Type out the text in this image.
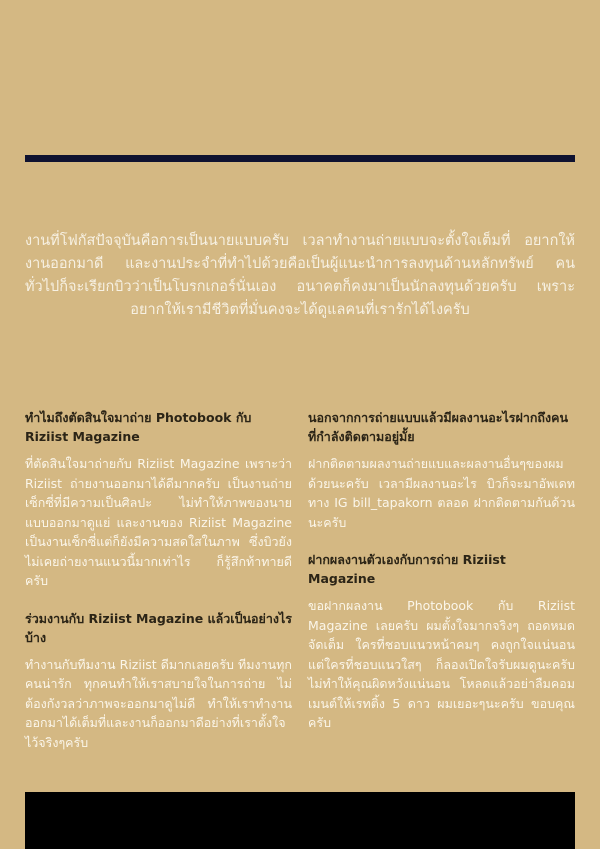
งานที่โฟกัสปัจจุบันคือการเป็นนายแบบครับ เวลาทำงานถ่ายแบบจะตั้งใจเต็มที่ อยากให้งานออกมาดี และงานประจำที่ทำไปด้วยคือเป็นผู้แนะนำการลงทุนด้านหลักทรัพย์ คนทั่วไปก็จะเรียกบิวว่าเป็นโบรกเกอร์นั่นเอง อนาคตก็คงมาเป็นนักลงทุนด้วยครับ เพราะอยากให้เรามีชีวิตที่มั่นคงจะได้ดูแลคนที่เรารักได้ไงครับ
ทำไมถึงตัดสินใจมาถ่าย Photobook กับ Riziist Magazine

ที่ตัดสินใจมาถ่ายกับ Riziist Magazine เพราะว่า Riziist ถ่ายงานออกมาได้ดีมากครับ เป็นงานถ่ายเซ็กซี่ที่มีความเป็นศิลปะ ไม่ทำให้ภาพของนายแบบออกมาดูแย่ และงานของ Riziist Magazine เป็นงานเซ็กซี่แต่ก็ยังมีความสดใสในภาพ ซึ่งบิวยังไม่เคยถ่ายงานแนวนี้มากเท่าไร ก็รู้สึกท้าทายดีครับ

ร่วมงานกับ Riziist Magazine แล้วเป็นอย่างไรบ้าง

ทำงานกับทีมงาน Riziist ดีมากเลยครับ ทีมงานทุกคนน่ารัก ทุกคนทำให้เราสบายใจในการถ่าย ไม่ต้องกังวลว่าภาพจะออกมาดูไม่ดี ทำให้เราทำงานออกมาได้เต็มที่และงานก็ออกมาดีอย่างที่เราตั้งใจไว้จริงๆครับ

นอกจากการถ่ายแบบแล้วมีผลงานอะไรฝากถึงคนที่กำลังติดตามอยู่มั้ย

ฝากติดตามผลงานถ่ายแบและผลงานอื่นๆของผมด้วยนะครับ เวลามีผลงานอะไร บิวก็จะมาอัพเดททาง IG bill_tapakorn ตลอด ฝากติดตามกันด้วนนะครับ

ฝากผลงานตัวเองกับการถ่าย Riziist Magazine

ขอฝากผลงาน Photobook กับ Riziist Magazine เลยครับ ผมตั้งใจมากจริงๆ ถอดหมดจัดเต็ม ใครที่ชอบแนวหน้าคมๆ คงถูกใจแน่นอน แต่ใครที่ชอบแนวใสๆ ก็ลองเปิดใจรับผมดูนะครับ ไม่ทำให้คุณผิดหวังแน่นอน โหลดแล้วอย่าลืมคอมเมนต์ให้เรทติ้ง 5 ดาว ผมเยอะๆนะครับ ขอบคุณครับ
